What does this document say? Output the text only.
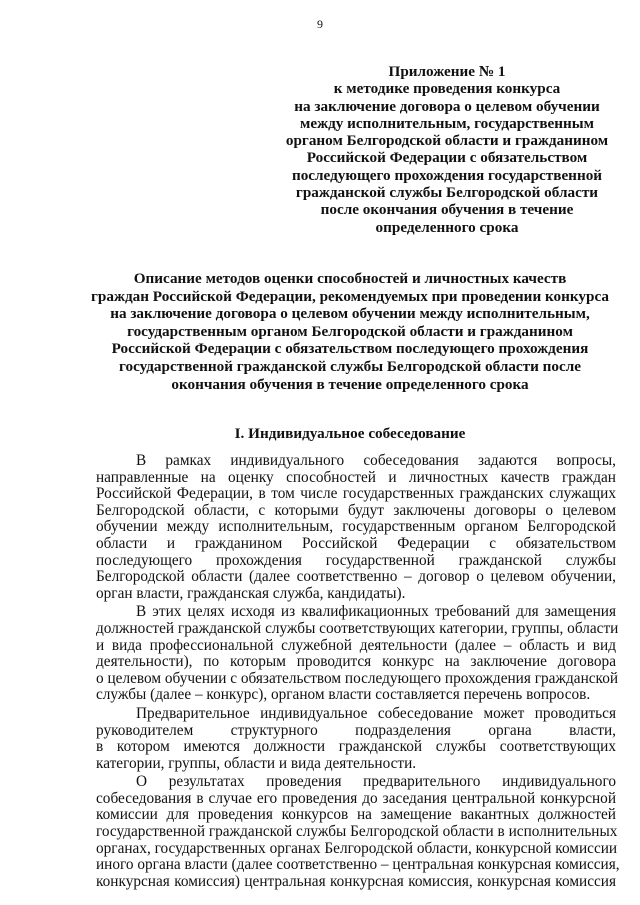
9
Приложение № 1
к методике проведения конкурса
на заключение договора о целевом обучении
между исполнительным, государственным
органом Белгородской области и гражданином
Российской Федерации с обязательством
последующего прохождения государственной
гражданской службы Белгородской области
после окончания обучения в течение
определенного срока
Описание методов оценки способностей и личностных качеств
граждан Российской Федерации, рекомендуемых при проведении конкурса
на заключение договора о целевом обучении между исполнительным,
государственным органом Белгородской области и гражданином
Российской Федерации с обязательством последующего прохождения
государственной гражданской службы Белгородской области после
окончания обучения в течение определенного срока
I. Индивидуальное собеседование
В рамках индивидуального собеседования задаются вопросы,
направленные на оценку способностей и личностных качеств граждан
Российской Федерации, в том числе государственных гражданских служащих
Белгородской области, с которыми будут заключены договоры о целевом
обучении между исполнительным, государственным органом Белгородской
области и гражданином Российской Федерации с обязательством
последующего прохождения государственной гражданской службы
Белгородской области (далее соответственно – договор о целевом обучении,
орган власти, гражданская служба, кандидаты).
В этих целях исходя из квалификационных требований для замещения
должностей гражданской службы соответствующих категории, группы, области
и вида профессиональной служебной деятельности (далее – область и вид
деятельности), по которым проводится конкурс на заключение договора
о целевом обучении с обязательством последующего прохождения гражданской
службы (далее – конкурс), органом власти составляется перечень вопросов.
Предварительное индивидуальное собеседование может проводиться
руководителем структурного подразделения органа власти,
в котором имеются должности гражданской службы соответствующих
категории, группы, области и вида деятельности.
О результатах проведения предварительного индивидуального
собеседования в случае его проведения до заседания центральной конкурсной
комиссии для проведения конкурсов на замещение вакантных должностей
государственной гражданской службы Белгородской области в исполнительных
органах, государственных органах Белгородской области, конкурсной комиссии
иного органа власти (далее соответственно – центральная конкурсная комиссия,
конкурсная комиссия) центральная конкурсная комиссия, конкурсная комиссия
